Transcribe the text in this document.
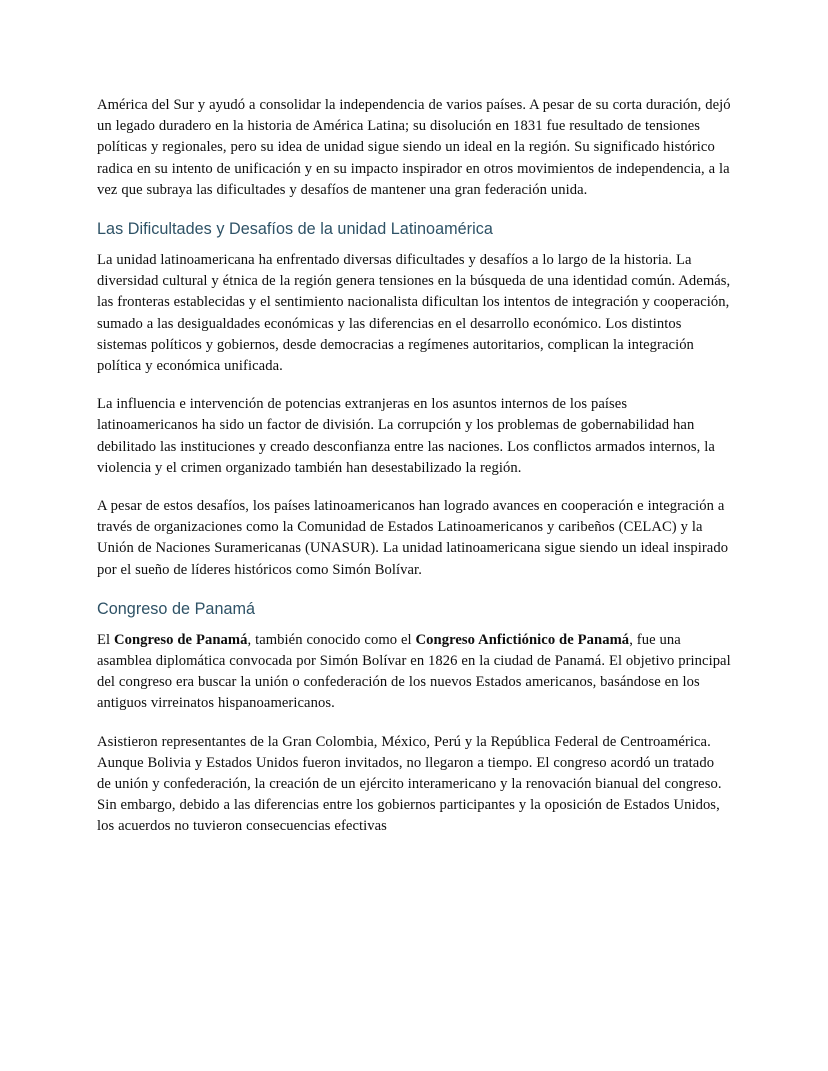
América del Sur y ayudó a consolidar la independencia de varios países. A pesar de su corta duración, dejó un legado duradero en la historia de América Latina; su disolución en 1831 fue resultado de tensiones políticas y regionales, pero su idea de unidad sigue siendo un ideal en la región. Su significado histórico radica en su intento de unificación y en su impacto inspirador en otros movimientos de independencia, a la vez que subraya las dificultades y desafíos de mantener una gran federación unida.

Las Dificultades y Desafíos de la unidad Latinoamérica

La unidad latinoamericana ha enfrentado diversas dificultades y desafíos a lo largo de la historia. La diversidad cultural y étnica de la región genera tensiones en la búsqueda de una identidad común. Además, las fronteras establecidas y el sentimiento nacionalista dificultan los intentos de integración y cooperación, sumado a las desigualdades económicas y las diferencias en el desarrollo económico. Los distintos sistemas políticos y gobiernos, desde democracias a regímenes autoritarios, complican la integración política y económica unificada.

La influencia e intervención de potencias extranjeras en los asuntos internos de los países latinoamericanos ha sido un factor de división. La corrupción y los problemas de gobernabilidad han debilitado las instituciones y creado desconfianza entre las naciones. Los conflictos armados internos, la violencia y el crimen organizado también han desestabilizado la región.

A pesar de estos desafíos, los países latinoamericanos han logrado avances en cooperación e integración a través de organizaciones como la Comunidad de Estados Latinoamericanos y caribeños (CELAC) y la Unión de Naciones Suramericanas (UNASUR). La unidad latinoamericana sigue siendo un ideal inspirado por el sueño de líderes históricos como Simón Bolívar.

Congreso de Panamá

El Congreso de Panamá, también conocido como el Congreso Anfictiónico de Panamá, fue una asamblea diplomática convocada por Simón Bolívar en 1826 en la ciudad de Panamá. El objetivo principal del congreso era buscar la unión o confederación de los nuevos Estados americanos, basándose en los antiguos virreinatos hispanoamericanos.

Asistieron representantes de la Gran Colombia, México, Perú y la República Federal de Centroamérica. Aunque Bolivia y Estados Unidos fueron invitados, no llegaron a tiempo. El congreso acordó un tratado de unión y confederación, la creación de un ejército interamericano y la renovación bianual del congreso. Sin embargo, debido a las diferencias entre los gobiernos participantes y la oposición de Estados Unidos, los acuerdos no tuvieron consecuencias efectivas
